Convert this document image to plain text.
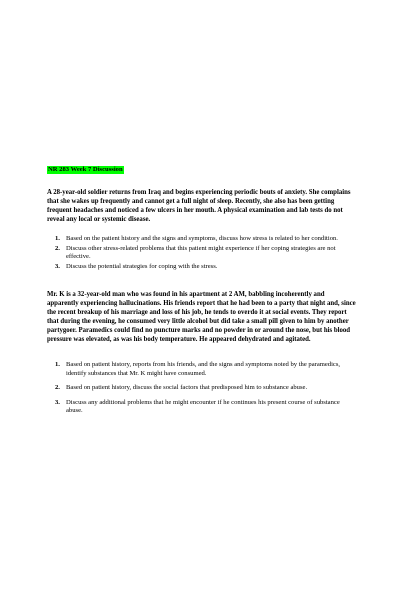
NR 283 Week 7 Discussion

A 28-year-old soldier returns from Iraq and begins experiencing periodic bouts of anxiety. She complains that she wakes up frequently and cannot get a full night of sleep. Recently, she also has been getting frequent headaches and noticed a few ulcers in her mouth. A physical examination and lab tests do not reveal any local or systemic disease.

1. Based on the patient history and the signs and symptoms, discuss how stress is related to her condition.
2. Discuss other stress-related problems that this patient might experience if her coping strategies are not effective.
3. Discuss the potential strategies for coping with the stress.

Mr. K is a 32-year-old man who was found in his apartment at 2 AM, babbling incoherently and apparently experiencing hallucinations. His friends report that he had been to a party that night and, since the recent breakup of his marriage and loss of his job, he tends to overdo it at social events. They report that during the evening, he consumed very little alcohol but did take a small pill given to him by another partygoer. Paramedics could find no puncture marks and no powder in or around the nose, but his blood pressure was elevated, as was his body temperature. He appeared dehydrated and agitated.

1. Based on patient history, reports from his friends, and the signs and symptoms noted by the paramedics, identify substances that Mr. K might have consumed.
2. Based on patient history, discuss the social factors that predisposed him to substance abuse.
3. Discuss any additional problems that he might encounter if he continues his present course of substance abuse.
